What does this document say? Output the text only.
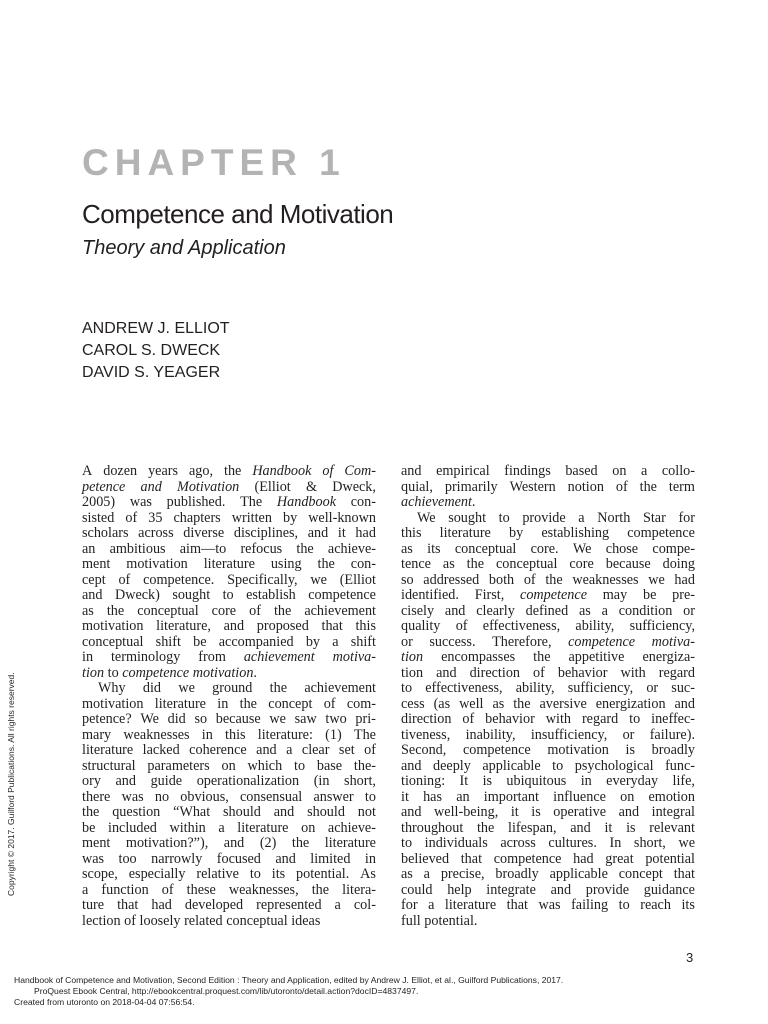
CHAPTER 1
Competence and Motivation
Theory and Application
ANDREW J. ELLIOT
CAROL S. DWECK
DAVID S. YEAGER
A dozen years ago, the Handbook of Com-
petence and Motivation (Elliot & Dweck,
2005) was published. The Handbook con-
sisted of 35 chapters written by well-known
scholars across diverse disciplines, and it had
an ambitious aim—to refocus the achieve-
ment motivation literature using the con-
cept of competence. Specifically, we (Elliot
and Dweck) sought to establish competence
as the conceptual core of the achievement
motivation literature, and proposed that this
conceptual shift be accompanied by a shift
in terminology from achievement motiva-
tion
to
competence
motivation.
Why did we ground the achievement
motivation literature in the concept of com-
petence? We did so because we saw two pri-
mary weaknesses in this literature: (1) The
literature lacked coherence and a clear set of
structural parameters on which to base the-
ory and guide operationalization (in short,
there was no obvious, consensual answer to
the question “What should and should not
be included within a literature on achieve-
ment motivation?”), and (2) the literature
was too narrowly focused and limited in
scope, especially relative to its potential. As
a function of these weaknesses, the litera-
ture that had developed represented a col-
lection
of
loosely
related
conceptual
ideas
and empirical findings based on a collo-
quial, primarily Western notion of the term
achievement.
We sought to provide a North Star for
this literature by establishing competence
as its conceptual core. We chose compe-
tence as the conceptual core because doing
so addressed both of the weaknesses we had
identified. First, competence may be pre-
cisely and clearly defined as a condition or
quality of effectiveness, ability, sufficiency,
or success. Therefore, competence motiva-
tion encompasses the appetitive energiza-
tion and direction of behavior with regard
to effectiveness, ability, sufficiency, or suc-
cess (as well as the aversive energization and
direction of behavior with regard to ineffec-
tiveness, inability, insufficiency, or failure).
Second, competence motivation is broadly
and deeply applicable to psychological func-
tioning: It is ubiquitous in everyday life,
it has an important influence on emotion
and well-being, it is operative and integral
throughout the lifespan, and it is relevant
to individuals across cultures. In short, we
believed that competence had great potential
as a precise, broadly applicable concept that
could help integrate and provide guidance
for a literature that was failing to reach its
full
potential.
3
Copyright © 2017. Guilford Publications. All rights reserved.
Handbook of Competence and Motivation, Second Edition : Theory and Application, edited by Andrew J. Elliot, et al., Guilford Publications, 2017.
ProQuest Ebook Central, http://ebookcentral.proquest.com/lib/utoronto/detail.action?docID=4837497.
Created from utoronto on 2018-04-04 07:56:54.
